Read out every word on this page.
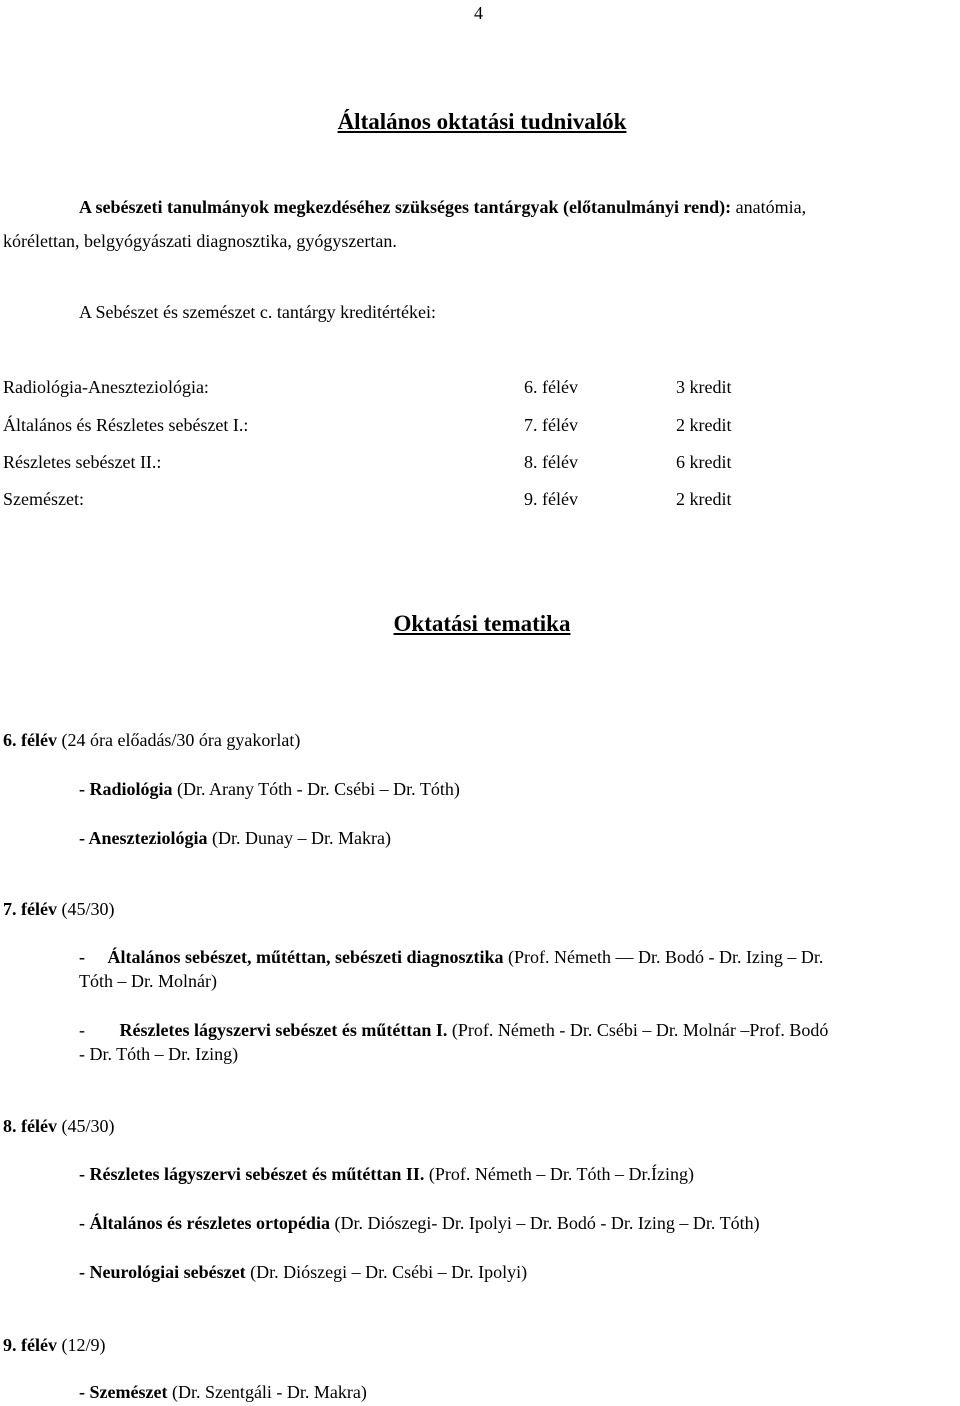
4
Általános oktatási tudnivalók
A sebészeti tanulmányok megkezdéséhez szükséges tantárgyak (előtanulmányi rend): anatómia,
kórélettan, belgyógyászati diagnosztika, gyógyszertan.
A Sebészet és szemészet c. tantárgy kreditértékei:
Radiológia-Aneszteziológia:	6. félév	3 kredit
Általános és Részletes sebészet I.:	7. félév	2 kredit
Részletes sebészet II.:	8. félév	6 kredit
Szemészet:	9. félév	2 kredit
Oktatási tematika
6. félév (24 óra előadás/30 óra gyakorlat)
- Radiológia (Dr. Arany Tóth - Dr. Csébi – Dr. Tóth)
- Aneszteziológia (Dr. Dunay – Dr. Makra)
7. félév (45/30)
- Általános sebészet, műtéttan, sebészeti diagnosztika (Prof. Németh –– Dr. Bodó - Dr. Izing – Dr.
Tóth – Dr. Molnár)
- Részletes lágyszervi sebészet és műtéttan I. (Prof. Németh - Dr. Csébi – Dr. Molnár –Prof. Bodó
- Dr. Tóth – Dr. Izing)
8. félév (45/30)
- Részletes lágyszervi sebészet és műtéttan II. (Prof. Németh – Dr. Tóth – Dr.Ízing)
- Általános és részletes ortopédia (Dr. Diószegi- Dr. Ipolyi – Dr. Bodó - Dr. Izing – Dr. Tóth)
- Neurológiai sebészet (Dr. Diószegi – Dr. Csébi – Dr. Ipolyi)
9. félév (12/9)
- Szemészet (Dr. Szentgáli - Dr. Makra)
